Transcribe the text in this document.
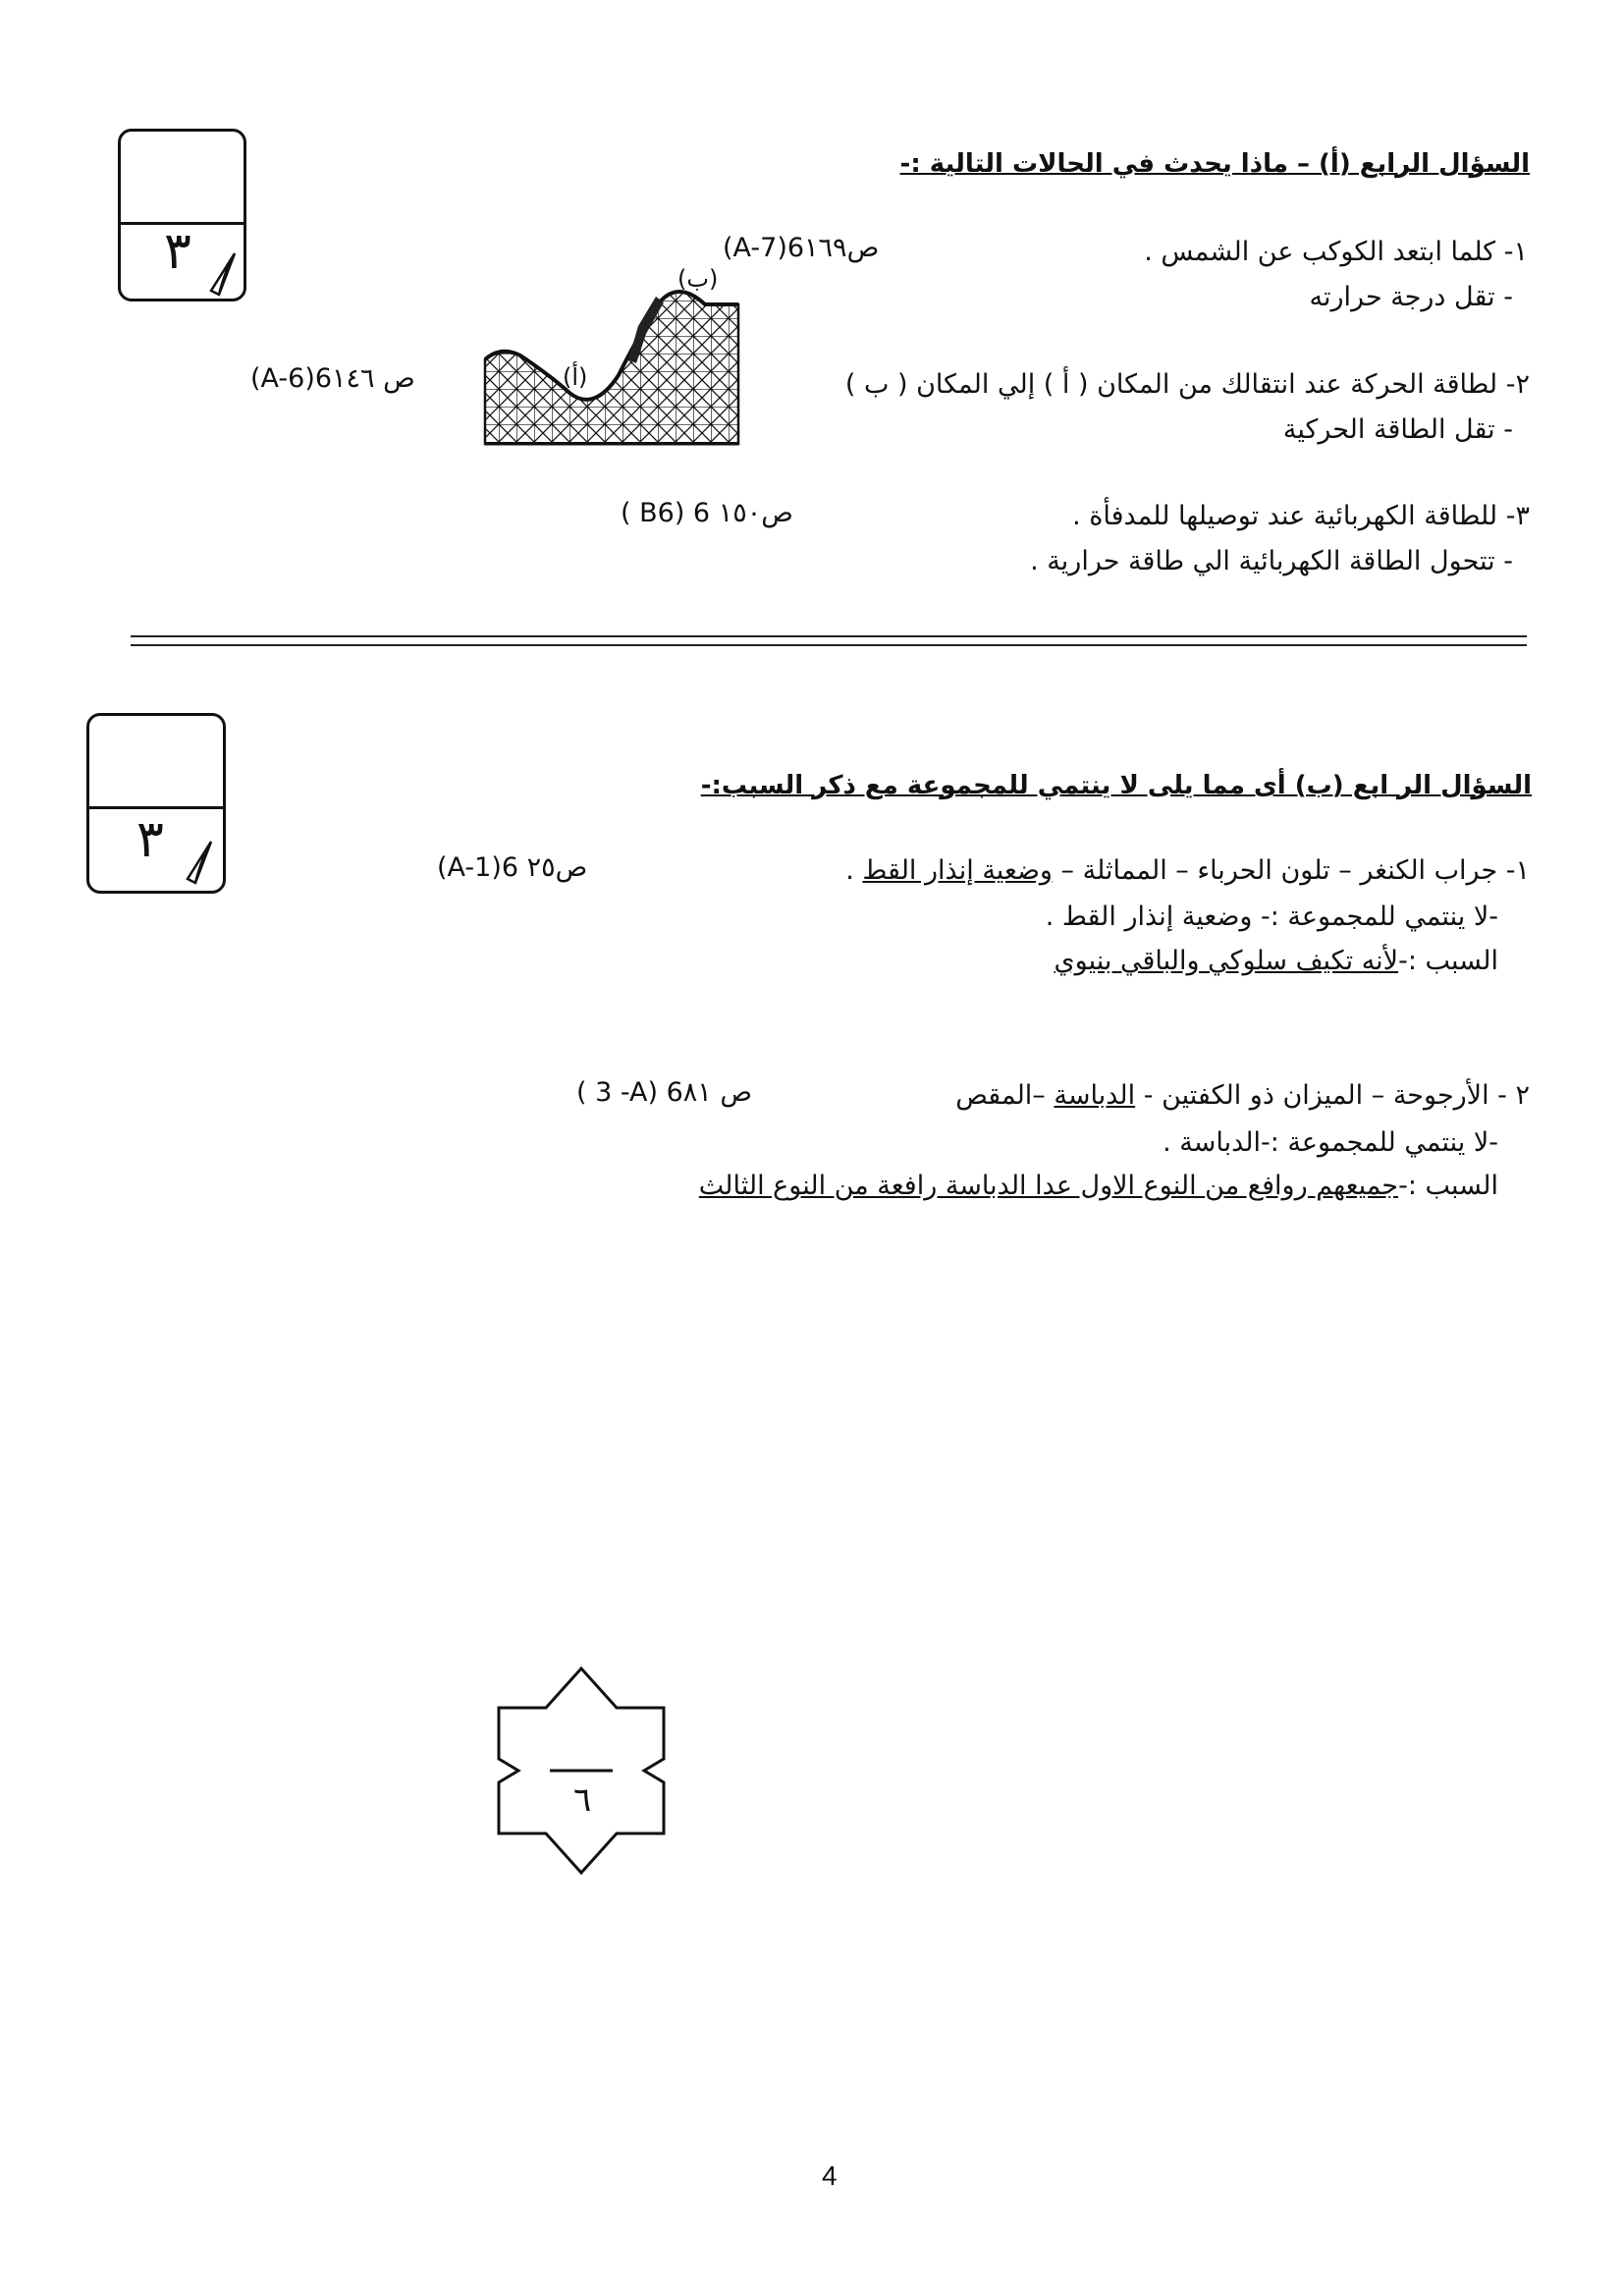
٣
السؤال الرابع (أ) – ماذا يحدث في الحالات التالية :-
١- كلما ابتعد الكوكب عن الشمس .
(A-7)6ص١٦٩
- تقل درجة حرارته
(أ)
(ب)
٢- لطاقة الحركة عند انتقالك من المكان ( أ ) إلي المكان ( ب )
(A-6)6ص ١٤٦
- تقل الطاقة الحركية
٣- للطاقة الكهربائية عند توصيلها للمدفأة .
( B6) 6 ص١٥٠
- تتحول الطاقة الكهربائية الي طاقة حرارية .
٣
السؤال الر ابع (ب) أى مما يلى لا ينتمي للمجموعة مع ذكر السبب:-
١- جراب الكنغر – تلون الحرباء – المماثلة – وضعية إنذار القط .
(A-1)6 ص٢٥
-لا ينتمي للمجموعة :- وضعية إنذار القط .
السبب :-لأنه تكيف سلوكي والباقي بنيوي
٢ - الأرجوحة – الميزان ذو الكفتين - الدباسة –المقص
( 3 -A) 6ص ٨١
-لا ينتمي للمجموعة :-الدباسة .
السبب :-جميعهم روافع من النوع الاول عدا الدباسة رافعة من النوع الثالث
٦
4
